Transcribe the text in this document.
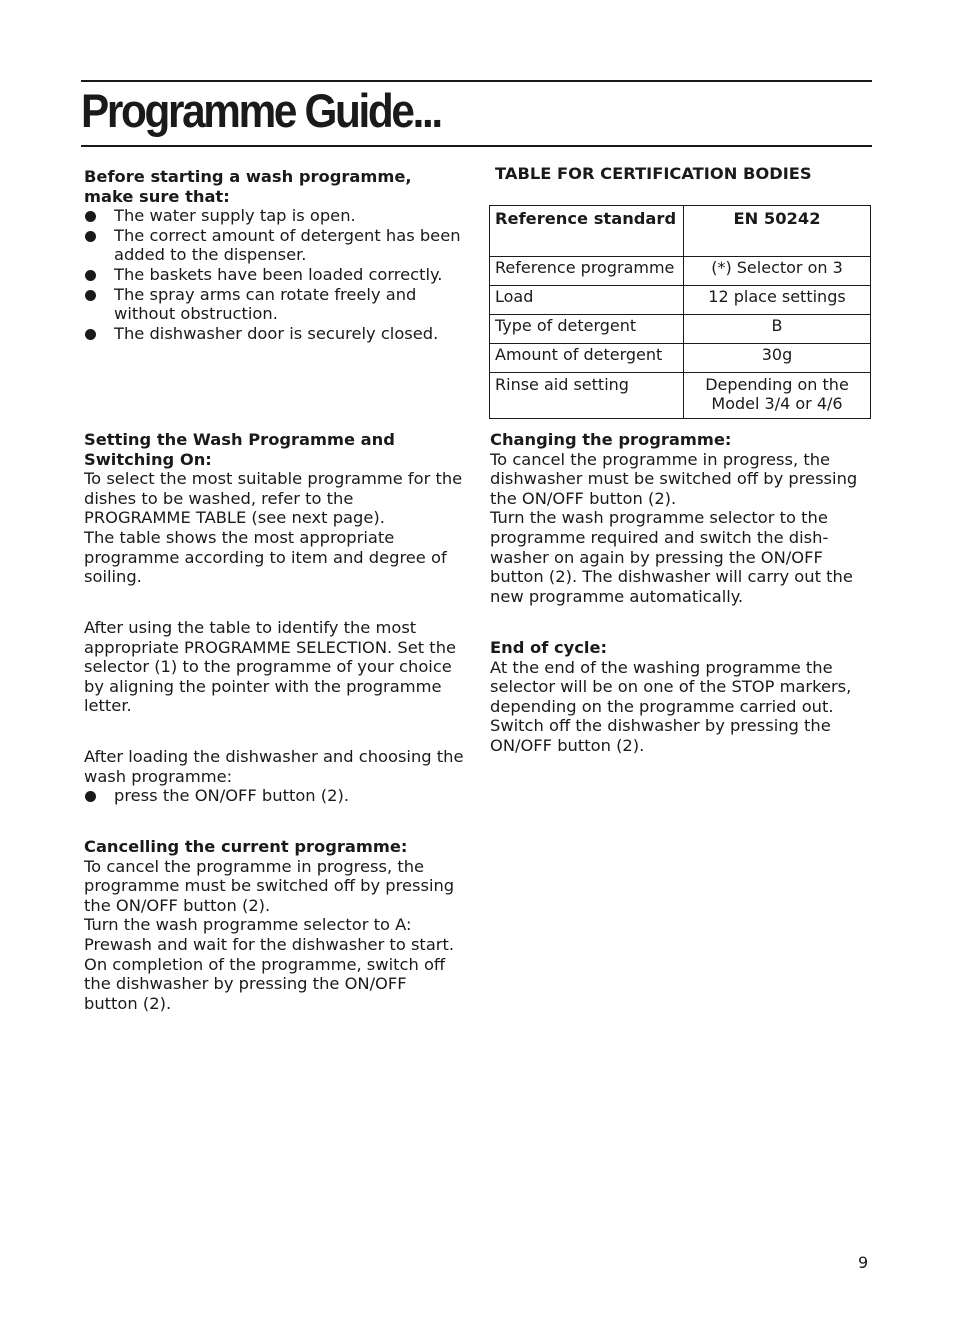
Programme Guide...

Before starting a wash programme, make sure that:

The water supply tap is open.
The correct amount of detergent has been added to the dispenser.
The baskets have been loaded correctly.
The spray arms can rotate freely and without obstruction.
The dishwasher door is securely closed.
TABLE FOR CERTIFICATION BODIES
Reference standard	EN 50242
Reference programme	(*) Selector on 3
Load	12 place settings
Type of detergent	B
Amount of detergent	30g
Rinse aid setting	Depending on the Model 3/4 or 4/6

Setting the Wash Programme and Switching On:

To select the most suitable programme for the dishes to be washed, refer to the PROGRAMME TABLE (see next page).

The table shows the most appropriate programme according to item and degree of soiling.

After using the table to identify the most appropriate PROGRAMME SELECTION. Set the selector (1) to the programme of your choice by aligning the pointer with the programme letter.

After loading the dishwasher and choosing the wash programme:

press the ON/OFF button (2).

Cancelling the current programme:

To cancel the programme in progress, the programme must be switched off by pressing the ON/OFF button (2).

Turn the wash programme selector to A: Prewash and wait for the dishwasher to start. On completion of the programme, switch off the dishwasher by pressing the ON/OFF button (2).

Changing the programme:

To cancel the programme in progress, the dishwasher must be switched off by pressing the ON/OFF button (2).

Turn the wash programme selector to the programme required and switch the dish-washer on again by pressing the ON/OFF button (2). The dishwasher will carry out the new programme automatically.

End of cycle:

At the end of the washing programme the selector will be on one of the STOP markers, depending on the programme carried out.

Switch off the dishwasher by pressing the ON/OFF button (2).

9
